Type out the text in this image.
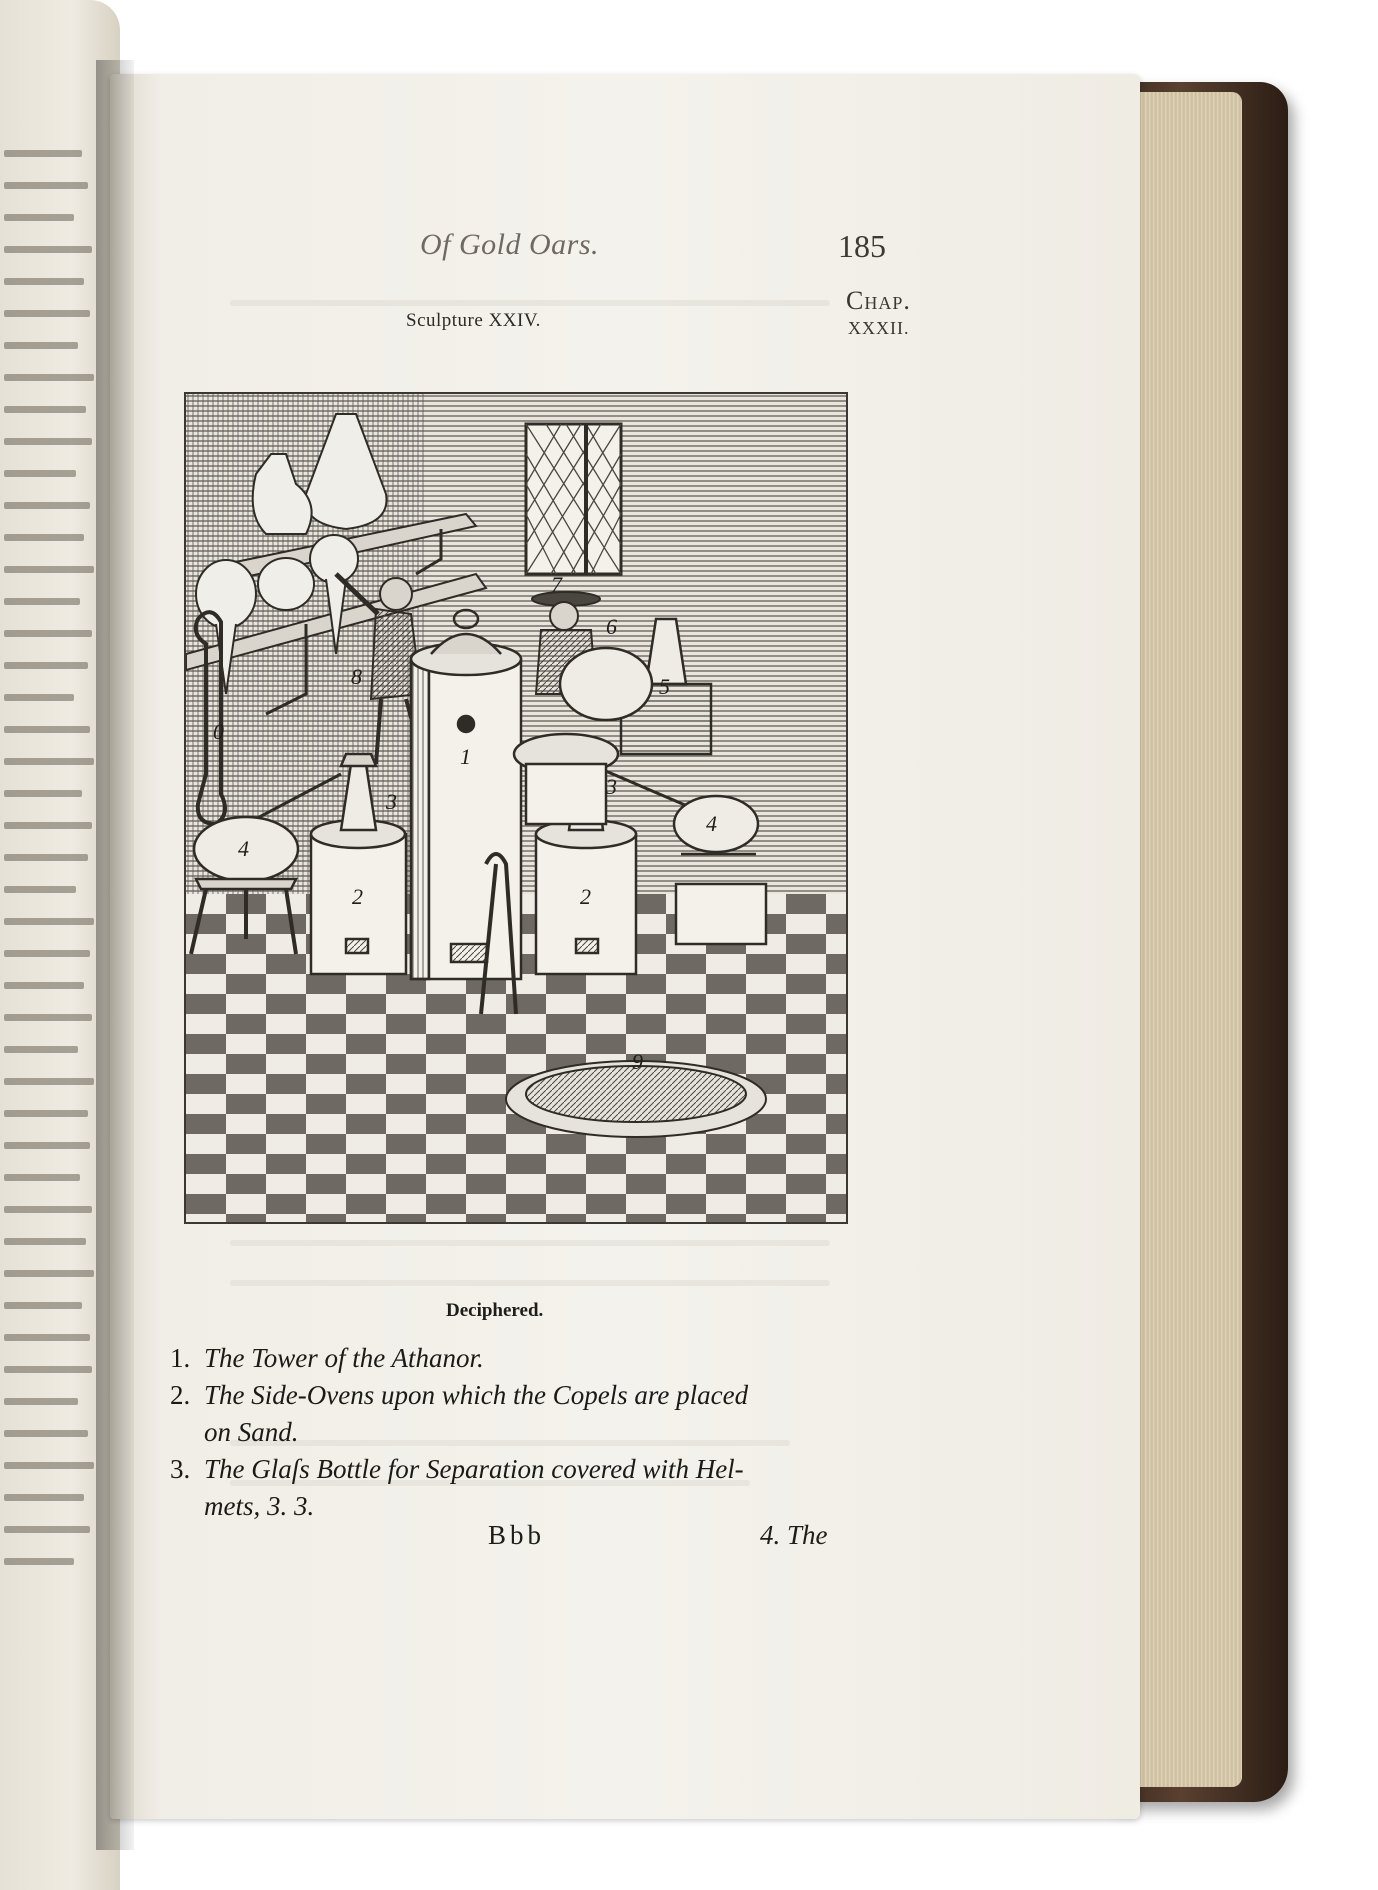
Of Gold Oars.	185
Chap.
XXXII.
Sculpture XXIV.
1
2	2
3
3
4
4
5
6
7
8
9
0
Deciphered.

1. The Tower of the Athanor.

2. The Side-Ovens upon which the Copels are placed

on Sand.

3. The Glaſs Bottle for Separation covered with Hel-

mets, 3. 3.

Bbb	4. The
